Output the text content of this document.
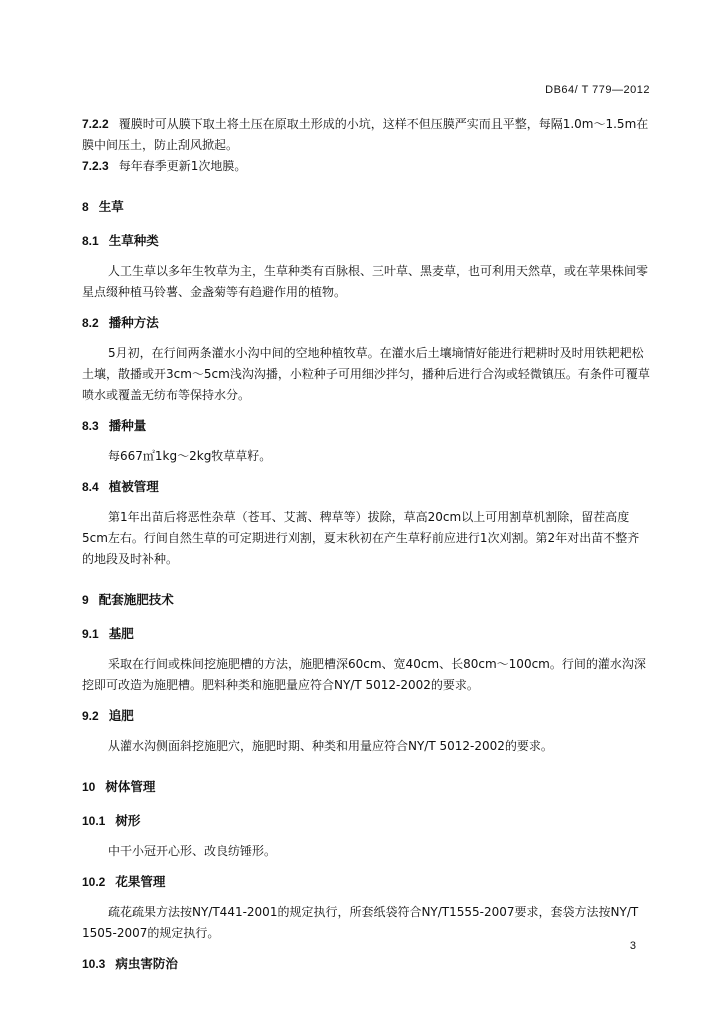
DB64/ T 779—2012

7.2.2 覆膜时可从膜下取土将土压在原取土形成的小坑，这样不但压膜严实而且平整，每隔1.0m～1.5m在膜中间压土，防止刮风掀起。

7.2.3 每年春季更新1次地膜。

8 生草

8.1 生草种类

人工生草以多年生牧草为主，生草种类有百脉根、三叶草、黑麦草，也可利用天然草，或在苹果株间零星点缀种植马铃薯、金盏菊等有趋避作用的植物。

8.2 播种方法

5月初，在行间两条灌水小沟中间的空地种植牧草。在灌水后土壤墒情好能进行耙耕时及时用铁耙耙松土壤，散播或开3cm～5cm浅沟沟播，小粒种子可用细沙拌匀，播种后进行合沟或轻微镇压。有条件可覆草喷水或覆盖无纺布等保持水分。

8.3 播种量

每667㎡1kg～2kg牧草草籽。

8.4 植被管理

第1年出苗后将恶性杂草（苍耳、艾蒿、稗草等）拔除，草高20cm以上可用割草机割除，留茬高度5cm左右。行间自然生草的可定期进行刈割，夏末秋初在产生草籽前应进行1次刈割。第2年对出苗不整齐的地段及时补种。

9 配套施肥技术

9.1 基肥

采取在行间或株间挖施肥槽的方法，施肥槽深60cm、宽40cm、长80cm～100cm。行间的灌水沟深挖即可改造为施肥槽。肥料种类和施肥量应符合NY/T 5012-2002的要求。

9.2 追肥

从灌水沟侧面斜挖施肥穴，施肥时期、种类和用量应符合NY/T 5012-2002的要求。

10 树体管理

10.1 树形

中干小冠开心形、改良纺锤形。

10.2 花果管理

疏花疏果方法按NY/T441-2001的规定执行，所套纸袋符合NY/T1555-2007要求，套袋方法按NY/T 1505-2007的规定执行。

10.3 病虫害防治

3
